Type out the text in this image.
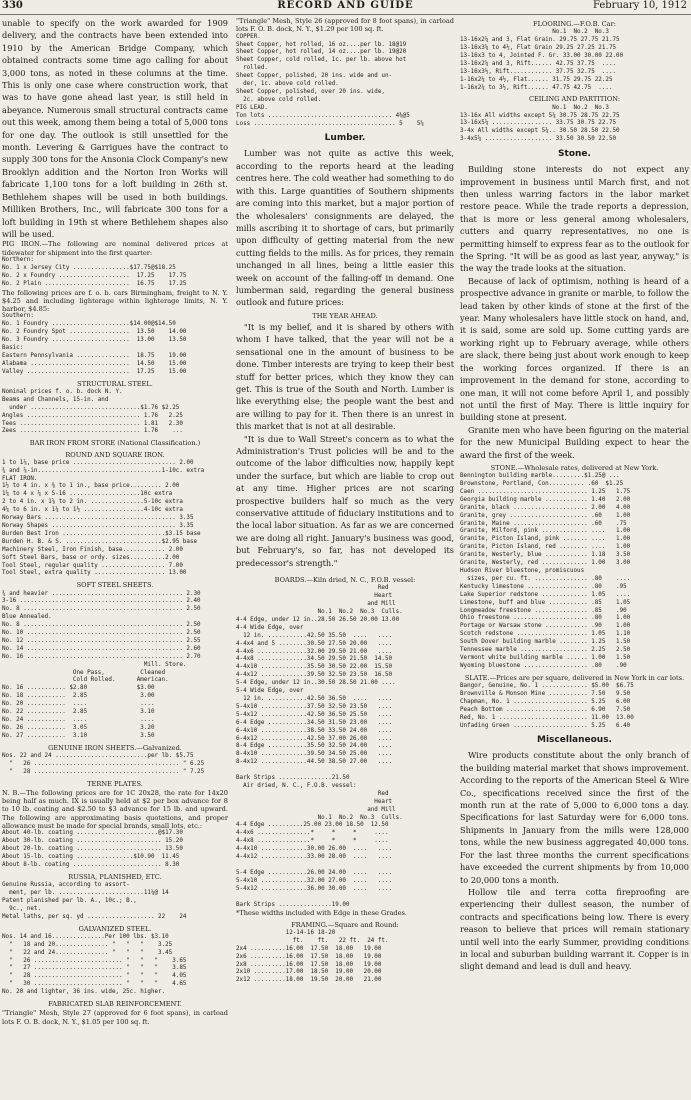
RECORD AND GUIDE
330	February 10, 1912

unable to specify on the work awarded for 1909 delivery, and the contracts have been extended into 1910 by the American Bridge Company, which obtained contracts some time ago calling for about 3,000 tons, as noted in these columns at the time. This is only one case where construction work, that was to have gone ahead last year, is still held in abeyance. Numerous small structural contracts came out this week, among them being a total of 5,000 tons for one day. The outlook is still unsettled for the month. Levering & Garrigues have the contract to supply 300 tons for the Ansonia Clock Company's new Brooklyn addition and the Norton Iron Works will fabricate 1,100 tons for a loft building in 26th st. Bethlehem shapes will be used in both buildings. Milliken Brothers, Inc., will fabricate 300 tons for a loft building in 19th st where Bethlehem shapes also will be used.

PIG IRON.—The following are nominal delivered prices at tidewater for shipment into the first quarter:

Northern:
No. 1 x Jersey City ................$17.75@$18.25
No. 2 x Foundry ....................  17.25    17.75
No. 2 Plain ........................  16.75    17.25

The following prices are f. o. b. cars Birmingham, freight to N. Y. $4.25 and including lighterage within lighterage limits, N. Y. harbor, $4.85:

Southern:
No. 1 Foundry ......................$14.00@$14.50
No. 2 Foundry Spot .................  13.50    14.00
No. 3 Foundry ......................  13.00    13.50
Basic:
Eastern Pennsylvania ...............  18.75    19.00
Alabama ............................  14.50    15.00
Valley .............................  17.25    15.00
STRUCTURAL STEEL.
Nominal prices f. o. b. dock N. Y.
Beams and Channels, 15-in. and
under ...............................$1.76 $2.25
Angles ................................ 1.76   2.25
Tees .................................. 1.81   2.30
Zees .................................. 1.76    ...
BAR IRON FROM STORE (National Classification.)
ROUND AND SQUARE IRON.
1 to 1⅞, base price ............................. 2.00
¾ and ⅞-in...................................1-10c. extra
FLAT IRON.
1½ to 4 in. x ⅜ to 1 in., base price......... 2.00
1¼ to 4 x ¼ x 5-16 ....................10c extra
2 to 4 in. x 1⅝ to 2 in. ...............5-10c extra
4¼ to 6 in. x 1¼ to 1½ .................4-10c extra
Norway Bars ..................................... 3.35
Norway Shapes ................................... 3.35
Burden Best Iron .............................$3.15 base
Burden H. B. & S. ...........................$2.95 base
Machinery Steel, Iron Finish, base............ 2.00
Soft Steel Bars, base or ordy. sizes..........2.00
Tool Steel, regular quality .................. 7.00
Tool Steel, extra quality .................... 13.00
SOFT STEEL SHEETS.
¾ and heavier ..................................... 2.30
3-16 .............................................. 2.40
No. 8 ............................................. 2.50
Blue Annealed.
No. 8 ............................................. 2.50
No. 10 ............................................ 2.50
No. 12 ............................................ 2.55
No. 14 ............................................ 2.60
No. 16 ............................................ 2.70
Mill. Store.
One Pass,          Cleaned
Cold Rolled.      American.
No. 16 ........... $2.80              $3.00
No. 18 ...........  2.85               3.00
No. 20 ...........  ....               ....
No. 22 ...........  2.85               3.10
No. 24 ...........  ....               ....
No. 26 ...........  3.05               3.20
No. 27 ...........  3.10               3.50
GENUINE IRON SHEETS.—Galvanized.
Nos. 22 and 24 ..........................per lb. $5.75
"   26 ......................................... " 6.25
"   28 ......................................... " 7.25
TERNE PLATES.

N. B.—The following prices are for 1C 20x28, the rate for 14x20 being half as much. IX is usually held at $2 per box advance for 8 to 10 lb. coating and $2.50 to $3 advance for 15 lb. and upward. The following are approximating basis quotations, and proper allowance must be made for special brands, small lots, etc.:

About 40-lb. coating .......................@$17.30
About 30-lb. coating ........................ 15.20
About 20-lb. coating ........................ 13.50
About 15-lb. coating ................$10.90  11.45
About 8-lb. coating ......................... 8.30
RUSSIA, PLANISHED, ETC.
Genuine Russia, according to assort-
ment, per lb. ........................11¼@ 14
Patent planished per lb. A., 10c.; B.,
9c., net.
Metal laths, per sq. yd ................... 22    24
GALVANIZED STEEL.
Nos. 14 and 16...............Per 100 lbs. $3.10
"   18 and 20............... "   "   "    3.25
"   22 and 24............... "   "   "    3.45
"   26 ......................... "   "   "    3.65
"   27 ......................... "   "   "    3.85
"   28 ......................... "   "   "    4.05
"   30 ......................... "   "   "    4.65
No. 20 and lighter, 36 ins. wide, 25c. higher.
FABRICATED SLAB REINFORCEMENT.

"Triangle" Mesh, Style 27 (approved for 6 foot spans), in carload lots F. O. B. dock, N. Y., $1.05 per 100 sq. ft.

"Triangle" Mesh, Style 26 (approved for 8 foot spans), in carload lots F. O. B. dock, N. Y., $1.29 per 100 sq. ft.

COPPER.
Sheet Copper, hot rolled, 16 oz....per lb. 18@19
Sheet Copper, hot rolled, 14 oz....per lb. 19@20
Sheet Copper, cold rolled, 1c. per lb. above hot
rolled.
Sheet Copper, polished, 20 ins. wide and un-
der, 1c. above cold rolled.
Sheet Copper, polished, over 20 ins. wide,
2c. above cold rolled.
PIG LEAD.
Ton lots ................................... 4⅜@5
Loss ........................................ 5    5¼
Lumber.

Lumber was not quite as active this week, according to the reports heard at the leading centres here. The cold weather had something to do with this. Large quantities of Southern shipments are coming into this market, but a major portion of the wholesalers' consignments are delayed, the mills ascribing it to shortage of cars, but primarily upon difficulty of getting material from the new cutting fields to the mills. As for prices, they remain unchanged in all lines, being a little easier this week on account of the falling-off in demand. One lumberman said, regarding the general business outlook and future prices:

THE YEAR AHEAD.

"It is my belief, and it is shared by others with whom I have talked, that the year will not be a sensational one in the amount of business to be done. Timber interests are trying to keep their best stuff for better prices, which they know they can get. This is true of the South and North. Lumber is like everything else; the people want the best and are willing to pay for it. Then there is an unrest in this market that is not at all desirable.

"It is due to Wall Street's concern as to what the Administration's Trust policies will be and to the outcome of the labor difficulties now, happily kept under the surface, but which are liable to crop out at any time. Higher prices are not scaring prospective builders half so much as the very conservative attitude of fiduciary institutions and to the local labor situation. As far as we are concerned we are doing all right. January's business was good, but February's, so far, has not developed its predecessor's strength."

BOARDS.—Kiln dried, N. C., F.O.B. vessel:
Red
Heart
and Mill
No.1  No.2  No.3  Culls.
4-4 Edge, under 12 in..28.50 26.50 20.00 13.00
4-4 Wide Edge, over
12 in. ...........42.50 35.50  ....   ....
4-4x4 and 5 ........30.50 27.50 20.00   ....
4-4x6 ..............32.00 29.50 21.00   ....
4-4x8 ..............34.50 29.50 21.50  14.50
4-4x10 .............35.50 30.50 22.00  15.50
4-4x12 .............39.50 32.50 23.50  16.50
5-4 Edge, under 12 in..30.50 28.50 21.00 ....
5-4 Wide Edge, over
12 in. ...........42.50 36.50  ....   ....
5-4x10 .............37.50 32.50 23.50   ....
5-4x12 .............42.50 36.50 25.50   ....
6-4 Edge ...........34.50 31.50 23.00   ....
6-4x10 .............38.50 33.50 24.00   ....
6-4x12 .............42.50 37.00 26.00   ....
8-4 Edge ...........35.50 32.50 24.00   ....
8-4x10 .............39.50 34.50 25.00   ....
8-4x12 .............44.50 38.50 27.00   ....

Bark Strips ...............21.50
Air dried, N. C., F.O.B. vessel:
Red
Heart
and Mill
No.1  No.2  No.3  Culls.
4-4 Edge ..........25.00 23.00 18.50  12.50
4-4x6 ...............*     *     *     ....
4-4x8 ...............*     *     *     ....
4-4x10 .............30.00 26.00  ....   ....
4-4x12 .............33.00 28.00  ....   ....

5-4 Edge ...........26.00 24.00  ....   ....
5-4x10 .............32.00 27.00  ....   ....
5-4x12 .............36.00 30.00  ....   ....

Bark Strips ...............19.00

*These widths included with Edge in these Grades.

FRAMING.—Square and Round:
12-14-16 18-20
ft.    ft.   22 ft.  24 ft.
2x4 ..........16.00  17.50  18.00   19.00
2x6 ..........16.00  17.50  18.00   19.00
2x8 ..........16.00  17.50  18.00   19.00
2x10 .........17.00  18.50  19.00   20.00
2x12 .........18.00  19.50  20.00   21.00
FLOORING.—F.O.B. Car:
No.1  No.2  No.3
13-16x2¼ and 3, Flat Grain. 29.75 27.75 21.75
13-16x3¼ to 4½, Flat Grain 29.25 27.25 21.75
13-16x3 to 4, Jointed F. Gr. 33.00 30.00 22.00
13-16x2¼ and 3, Rift...... 42.75 37.75  ....
13-16x3½, Rift............ 37.75 32.75  ....
1-16x2¼ to 4½, Flat...... 31.75 29.75 22.25
1-16x2¼ to 3½, Rift...... 47.75 42.75  ....
CEILING AND PARTITION:
No.1  No.2  No.3
13-16x All widths except 5¼ 30.75 28.75 22.75
13-16x5¼ ................. 33.75 30.75 22.75
3-4x All widths except 5¼.. 30.50 28.50 22.50
3-4x5¼ ................... 33.50 30.50 22.50
Stone.

Building stone interests do not expect any improvement in business until March first, and not then unless warring factors in the labor market restore peace. While the trade reports a depression, that is more or less general among wholesalers, cutters and quarry representatives, no one is permitting himself to express fear as to the outlook for the Spring. "It will be as good as last year, anyway," is the way the trade looks at the situation.

Because of lack of optimism, nothing is heard of a prospective advance in granite or marble, to follow the lead taken by other kinds of stone at the first of the year. Many wholesalers have little stock on hand, and, it is said, some are sold up. Some cutting yards are working right up to February average, while others are slack, there being just about work enough to keep the working forces organized. If there is an improvement in the demand for stone, according to one man, it will not come before April 1, and possibly not until the first of May. There is little inquiry for building stone at present.

Granite men who have been figuring on the material for the new Municipal Building expect to hear the award the first of the week.

STONE.—Wholesale rates, delivered at New York.
Bennington building marble.........$1.25@ ...
Brownstone, Portland, Con.......... .60  $1.25
Caen ............................... 1.25   1.75
Georgia building marble ............ 1.40   2.00
Granite, black ..................... 2.00   4.00
Granite, grey ...................... .60    1.00
Granite, Maine ..................... .60    .75
Granite, Milford, pink ............. ....   1.00
Granite, Picton Island, pink ....... ....   1.00
Granite, Picton Island, red ........ ....   1.00
Granite, Westerly, blue ............ 1.18   3.50
Granite, Westerly, red ............. 1.00   3.00
Hudson River bluestone, promiscuous
sizes, per cu. ft. ............... .80    ....
Kentucky limestone ................. .80    .95
Lake Superior redstone ............. 1.05   ....
Limestone, buff and blue ........... .85    1.05
Longmeadow freestone ............... .85    .90
Ohio freestone ..................... .80    1.00
Portage or Warsaw stone ............ .90    1.00
Scotch redstone .................... 1.05   1.10
South Dover building marble ........ 1.25   1.50
Tennessee marble ................... 2.25   2.50
Vermont white building marble ...... 1.00   1.50
Wyoming bluestone .................. .80    .90
SLATE.—Prices are per square, delivered in New York in car lots.
Bangor, Genuine, No. 1 ............. $5.00  $6.75
Brownville & Monson Mine ........... 7.50   9.50
Chapman, No. 1 ..................... 5.25   6.00
Peach Bottom ....................... 6.90   7.50
Red, No. 1 ......................... 11.00  13.00
Unfading Green ..................... 5.25   6.40
Miscellaneous.

Wire products constitute about the only branch of the building material market that shows improvement. According to the reports of the American Steel & Wire Co., specifications received since the first of the month run at the rate of 5,000 to 6,000 tons a day. Specifications for last Saturday were for 6,000 tons. Shipments in January from the mills were 128,000 tons, while the new business aggregated 40,000 tons. For the last three months the current specifications have exceeded the current shipments by from 10,000 to 20,000 tons a month.

Hollow tile and terra cotta fireproofing are experiencing their dullest season, the number of contracts and specifications being low. There is every reason to believe that prices will remain stationary until well into the early Summer, providing conditions in local and suburban building warrant it. Copper is in slight demand and lead is dull and heavy.
